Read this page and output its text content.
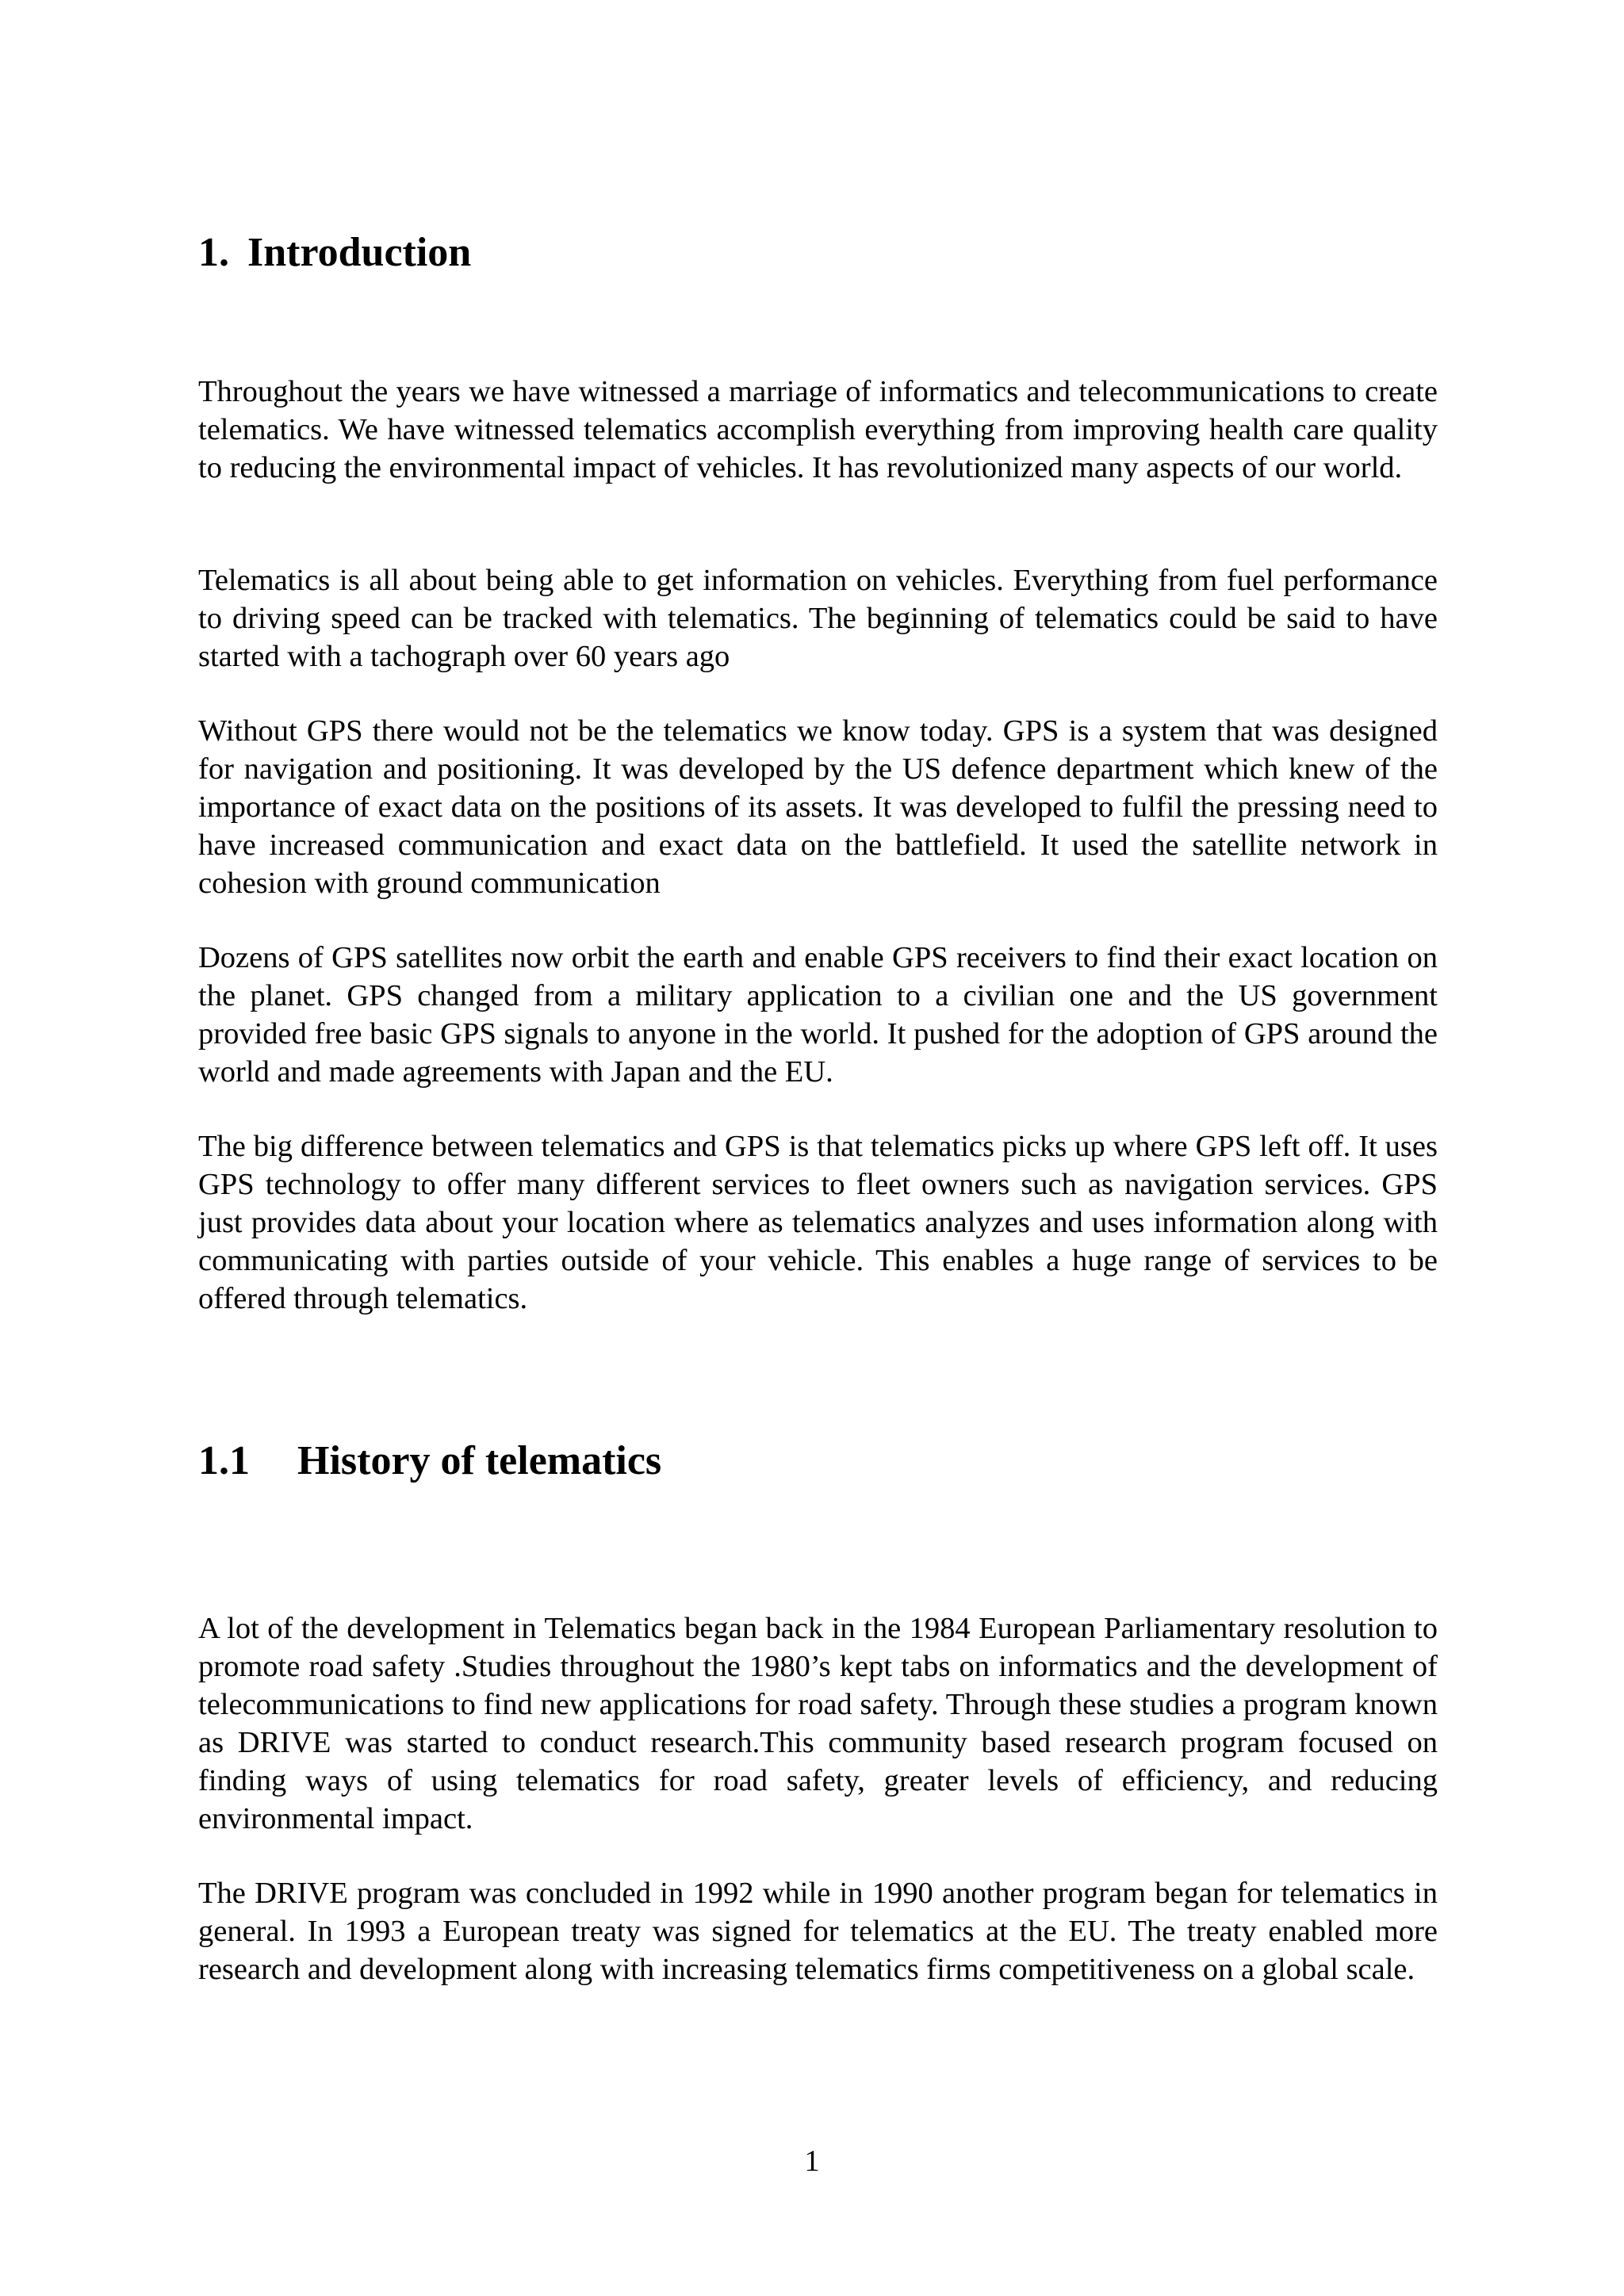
1. Introduction

Throughout the years we have witnessed a marriage of informatics and telecommunications to create telematics. We have witnessed telematics accomplish everything from improving health care quality to reducing the environmental impact of vehicles. It has revolutionized many aspects of our world.

Telematics is all about being able to get information on vehicles. Everything from fuel performance to driving speed can be tracked with telematics. The beginning of telematics could be said to have started with a tachograph over 60 years ago

Without GPS there would not be the telematics we know today. GPS is a system that was designed for navigation and positioning. It was developed by the US defence department which knew of the importance of exact data on the positions of its assets. It was developed to fulfil the pressing need to have increased communication and exact data on the battlefield. It used the satellite network in cohesion with ground communication

Dozens of GPS satellites now orbit the earth and enable GPS receivers to find their exact location on the planet. GPS changed from a military application to a civilian one and the US government provided free basic GPS signals to anyone in the world. It pushed for the adoption of GPS around the world and made agreements with Japan and the EU.

The big difference between telematics and GPS is that telematics picks up where GPS left off. It uses GPS technology to offer many different services to fleet owners such as navigation services. GPS just provides data about your location where as telematics analyzes and uses information along with communicating with parties outside of your vehicle. This enables a huge range of services to be offered through telematics.

1.1 History of telematics

A lot of the development in Telematics began back in the 1984 European Parliamentary resolution to promote road safety .Studies throughout the 1980’s kept tabs on informatics and the development of telecommunications to find new applications for road safety. Through these studies a program known as DRIVE was started to conduct research.This community based research program focused on finding ways of using telematics for road safety, greater levels of efficiency, and reducing environmental impact.

The DRIVE program was concluded in 1992 while in 1990 another program began for telematics in general. In 1993 a European treaty was signed for telematics at the EU. The treaty enabled more research and development along with increasing telematics firms competitiveness on a global scale.

1
